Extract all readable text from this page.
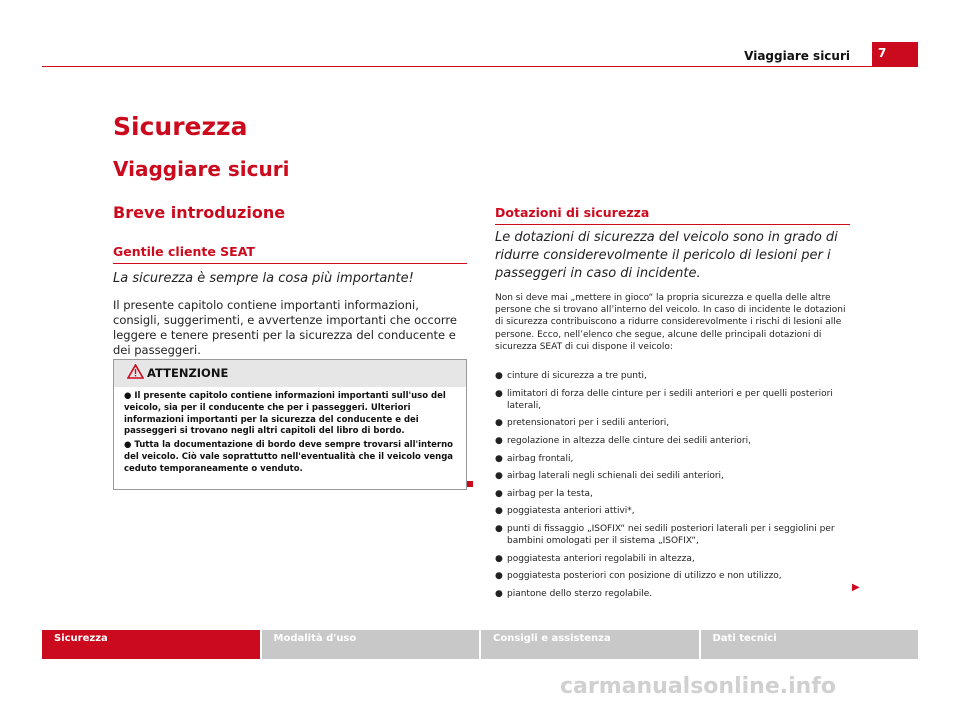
Viaggiare sicuri	7
Sicurezza
Viaggiare sicuri
Breve introduzione
Gentile cliente SEAT
La sicurezza è sempre la cosa più importante!
Il presente capitolo contiene importanti informazioni, consigli, suggerimenti, e avvertenze importanti che occorre leggere e tenere presenti per la sicurezza del conducente e dei passeggeri.
ATTENZIONE
● Il presente capitolo contiene informazioni importanti sull'uso del veicolo, sia per il conducente che per i passeggeri. Ulteriori informazioni importanti per la sicurezza del conducente e dei passeggeri si trovano negli altri capitoli del libro di bordo.
● Tutta la documentazione di bordo deve sempre trovarsi all'interno del veicolo. Ciò vale soprattutto nell'eventualità che il veicolo venga ceduto temporaneamente o venduto.
Dotazioni di sicurezza
Le dotazioni di sicurezza del veicolo sono in grado di ridurre considerevolmente il pericolo di lesioni per i passeggeri in caso di incidente.
Non si deve mai „mettere in gioco“ la propria sicurezza e quella delle altre persone che si trovano all’interno del veicolo. In caso di incidente le dotazioni di sicurezza contribuiscono a ridurre considerevolmente i rischi di lesioni alle persone. Ecco, nell’elenco che segue, alcune delle principali dotazioni di sicurezza SEAT di cui dispone il veicolo:
● cinture di sicurezza a tre punti,
● limitatori di forza delle cinture per i sedili anteriori e per quelli posteriori laterali,
● pretensionatori per i sedili anteriori,
● regolazione in altezza delle cinture dei sedili anteriori,
● airbag frontali,
● airbag laterali negli schienali dei sedili anteriori,
● airbag per la testa,
● poggiatesta anteriori attivi*,
● punti di fissaggio „ISOFIX“ nei sedili posteriori laterali per i seggiolini per bambini omologati per il sistema „ISOFIX“,
● poggiatesta anteriori regolabili in altezza,
● poggiatesta posteriori con posizione di utilizzo e non utilizzo,
● piantone dello sterzo regolabile.
▶
Sicurezza	Modalità d'uso	Consigli e assistenza	Dati tecnici
carmanualsonline.info
